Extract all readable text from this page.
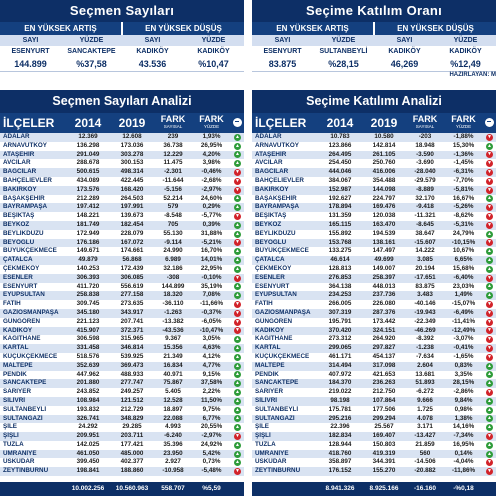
Seçmen Sayıları
EN YÜKSEK ARTIŞ	EN YÜKSEK DÜŞÜŞ
SAYI	YÜZDE	SAYI	YÜZDE
ESENYURT	SANCAKTEPE	KADIKÖY	KADIKÖY
144.899	%37,58	43.536	%10,47
Seçime Katılım Oranı
EN YÜKSEK ARTIŞ	EN YÜKSEK DÜŞÜŞ
SAYI	YÜZDE	SAYI	YÜZDE
ESENYURT	SULTANBEYLİ	KADIKÖY	KADIKÖY
83.875	%28,15	46,269	%12,49
HAZIRLAYAN: M
Seçmen Sayıları Analizi
İLÇELER	2014	2019	FARK
SAYISAL
FARK
YÜZDE
ADALAR	12.369	12.608	239	1,93%
▲
ARNAVUTKÖY	136.298	173.036	36.738	26,95%
▲
ATAŞEHİR	291.049	303.278	12.229	4,20%
▲
AVCILAR	288.678	300.153	11.475	3,98%
▲
BAĞCILAR	500.615	498.314	-2.301	-0,46%
▼
BAHÇELİEVLER	434.089	422.445	-11.644	-2,68%
▼
BAKIRKÖY	173.576	168.420	-5.156	-2,97%
▼
BAŞAKŞEHİR	212.289	264.503	52.214	24,60%
▲
BAYRAMPAŞA	197.412	197.991	579	0,29%
▲
BEŞİKTAŞ	148.221	139.673	-8.548	-5,77%
▼
BEYKOZ	181.749	182.454	705	0,39%
▲
BEYLİKDÜZÜ	172.949	228.079	55.130	31,88%
▲
BEYOĞLU	176.186	167.072	-9.114	-5,21%
▼
BÜYÜKÇEKMECE	149.671	174.661	24.990	16,70%
▲
ÇATALCA	49.879	56.868	6.989	14,01%
▲
ÇEKMEKÖY	140.253	172.439	32.186	22,95%
▲
ESENLER	306.393	306.085	-308	-0,10%
▼
ESENYURT	411.720	556.619	144.899	35,19%
▲
EYÜPSULTAN	258.838	277.158	18.320	7,08%
▲
FATİH	309.745	273.635	-36.110	-11,66%
▼
GAZİOSMANPAŞA	345.180	343.917	-1.263	-0,37%
▼
GÜNGÖREN	221.123	207.741	-13.382	-6,05%
▼
KADIKÖY	415.907	372.371	-43.536	-10,47%
▼
KAĞITHANE	306.598	315.965	9.367	3,05%
▲
KARTAL	331.458	346.814	15.356	4,63%
▲
KÜÇÜKÇEKMECE	518.576	539.925	21.349	4,12%
▲
MALTEPE	352.639	369.473	16.834	4,77%
▲
PENDİK	447.962	488.933	40.971	9,15%
▲
SANCAKTEPE	201.880	277.747	75.867	37,58%
▲
SARIYER	243.852	249.257	5.405	2,22%
▲
SİLİVRİ	108.984	121.512	12.528	11,50%
▲
SULTANBEYLİ	193.832	212.729	18.897	9,75%
▲
SULTANGAZİ	326.741	348.829	22.088	6,77%
▲
ŞİLE	24.292	29.285	4.993	20,55%
▲
ŞİŞLİ	209.951	203.711	-6.240	-2,97%
▼
TUZLA	142.025	177.421	35.396	24,92%
▲
ÜMRANİYE	461.050	485.000	23.950	5,42%
▲
ÜSKÜDAR	399.450	402.377	2.927	0,73%
▲
ZEYTİNBURNU	198.841	188.860	-10.958	-5,48%
▼
10.002.256	10.560.963	558.707	%5,59
Seçime Katılımı Analizi
İLÇELER	2014	2019	FARK
SAYISAL
FARK
YÜZDE
ADALAR	10.783	10.580	-203	-1,88%
▼
ARNAVUTKÖY	123.866	142.814	18.948	15,30%
▲
ATAŞEHİR	264.495	261.105	-3.590	-1,36%
▼
AVCILAR	254.450	250.760	-3.690	-1,45%
▼
BAĞCILAR	444.046	416.006	-28.040	-6,31%
▼
BAHÇELİEVLER	384.067	354.488	-29.579	-7,70%
▼
BAKIRKÖY	152.987	144.098	-8.889	-5,81%
▼
BAŞAKŞEHİR	192.627	224.797	32.170	16,67%
▲
BAYRAMPAŞA	178.894	169.476	-9.418	-5,26%
▼
BEŞİKTAŞ	131.359	120.038	-11.321	-8,62%
▼
BEYKOZ	165.115	163.470	-8.645	-5,31%
▼
BEYLİKDÜZÜ	155.892	194.539	38.647	24,79%
▲
BEYOĞLU	153.768	138.161	-15.607	-10,15%
▼
BÜYÜKÇEKMECE	133.275	147.497	14.222	10,67%
▲
ÇATALCA	46.614	49.699	3.085	6,65%
▲
ÇEKMEKÖY	128.813	149.007	20.194	15,68%
▲
ESENLER	276.853	258.397	-17.651	-6,40%
▼
ESENYURT	364.138	448.013	83.875	23,03%
▲
EYÜPSULTAN	234.253	237.736	3.483	1,49%
▲
FATİH	266.005	226.080	-40.146	-15,07%
▼
GAZİOSMANPAŞA	307.319	287.376	-19.943	-6,49%
▼
GÜNGÖREN	195.791	173.442	-22.349	-11,41%
▼
KADIKÖY	370.420	324.151	-46.269	-12,49%
▼
KAĞITHANE	273.312	264.920	-8.392	-3,07%
▼
KARTAL	299.065	297.827	-1.238	-0,41%
▼
KÜÇÜKÇEKMECE	461.171	454.137	-7.634	-1,65%
▼
MALTEPE	314.494	317.098	2.604	0,83%
▲
PENDİK	407.972	421.653	13.681	3,35%
▲
SANCAKTEPE	184.370	236.263	51.893	28,15%
▲
SARIYER	219.022	212.750	-6.272	-2,86%
▼
SİLİVRİ	98.198	107.864	9.666	9,84%
▲
SULTANBEYLİ	175.781	177.506	1.725	0,98%
▲
SULTANGAZİ	295.216	299.294	4.078	1,38%
▲
ŞİLE	22.396	25.567	3.171	14,16%
▲
ŞİŞLİ	182.834	169.407	-13.427	-7,34%
▼
TUZLA	128.944	150.803	21.859	16,95%
▲
ÜMRANİYE	418.760	419.319	560	0,14%
▲
ÜSKÜDAR	358.897	344.391	-14.506	-4,04%
▼
ZEYTİNBURNU	176.152	155.270	-20.882	-11,86%
▼
8.941.326	8.925.166	-16.160	-%0,18
